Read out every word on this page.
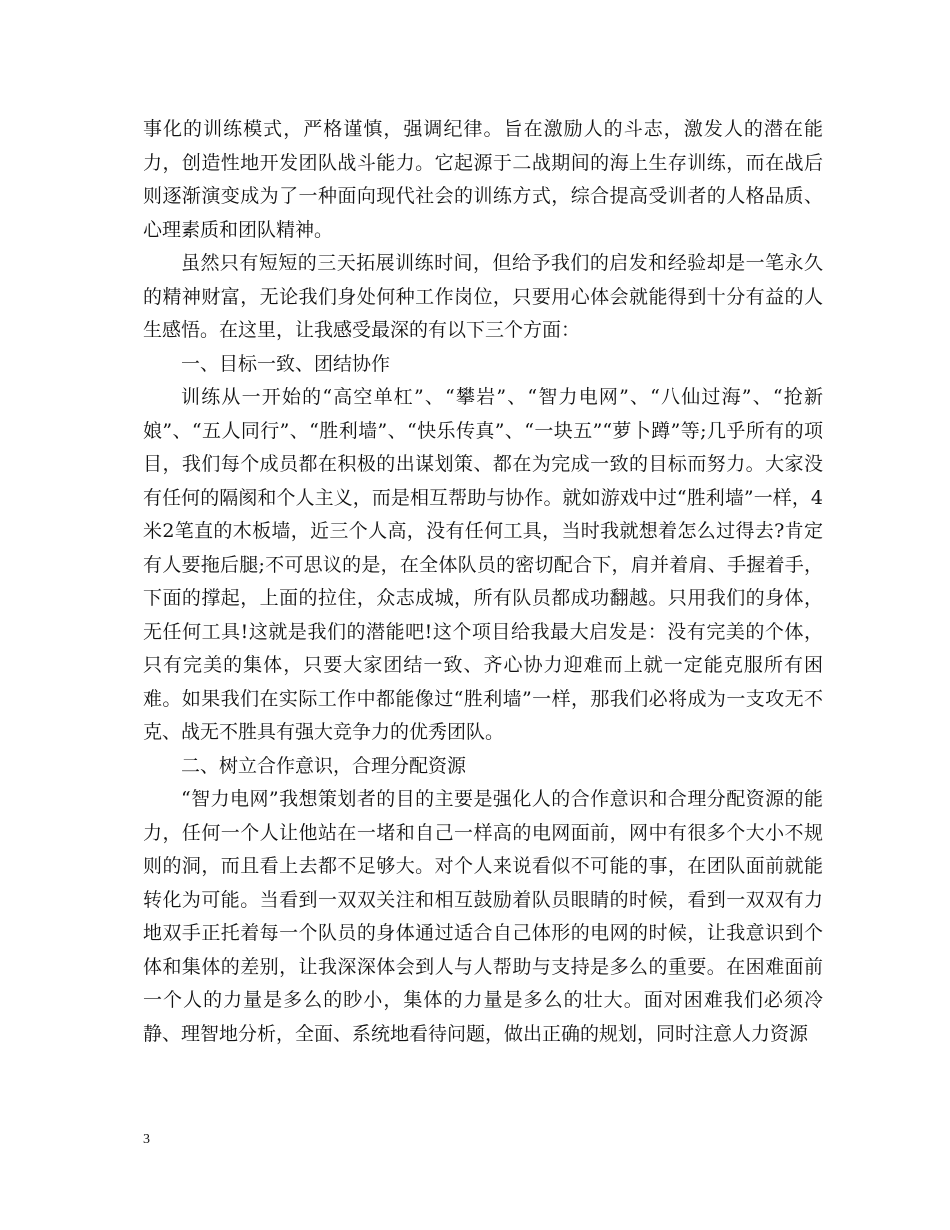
事化的训练模式，严格谨慎，强调纪律。旨在激励人的斗志，激发人的潜在能力，创造性地开发团队战斗能力。它起源于二战期间的海上生存训练，而在战后则逐渐演变成为了一种面向现代社会的训练方式，综合提高受训者的人格品质、心理素质和团队精神。

虽然只有短短的三天拓展训练时间，但给予我们的启发和经验却是一笔永久的精神财富，无论我们身处何种工作岗位，只要用心体会就能得到十分有益的人生感悟。在这里，让我感受最深的有以下三个方面：

一、目标一致、团结协作

训练从一开始的“高空单杠”、“攀岩”、“智力电网”、“八仙过海”、“抢新娘”、“五人同行”、“胜利墙”、“快乐传真”、“一块五”“萝卜蹲”等;几乎所有的项目，我们每个成员都在积极的出谋划策、都在为完成一致的目标而努力。大家没有任何的隔阂和个人主义，而是相互帮助与协作。就如游戏中过“胜利墙”一样，4米2笔直的木板墙，近三个人高，没有任何工具，当时我就想着怎么过得去?肯定有人要拖后腿;不可思议的是，在全体队员的密切配合下，肩并着肩、手握着手，下面的撑起，上面的拉住，众志成城，所有队员都成功翻越。只用我们的身体，无任何工具!这就是我们的潜能吧!这个项目给我最大启发是：没有完美的个体，只有完美的集体，只要大家团结一致、齐心协力迎难而上就一定能克服所有困难。如果我们在实际工作中都能像过“胜利墙”一样，那我们必将成为一支攻无不克、战无不胜具有强大竞争力的优秀团队。

二、树立合作意识，合理分配资源

“智力电网”我想策划者的目的主要是强化人的合作意识和合理分配资源的能力，任何一个人让他站在一堵和自己一样高的电网面前，网中有很多个大小不规则的洞，而且看上去都不足够大。对个人来说看似不可能的事，在团队面前就能转化为可能。当看到一双双关注和相互鼓励着队员眼睛的时候，看到一双双有力地双手正托着每一个队员的身体通过适合自己体形的电网的时候，让我意识到个体和集体的差别，让我深深体会到人与人帮助与支持是多么的重要。在困难面前一个人的力量是多么的眇小，集体的力量是多么的壮大。面对困难我们必须冷静、理智地分析，全面、系统地看待问题，做出正确的规划，同时注意人力资源

3
